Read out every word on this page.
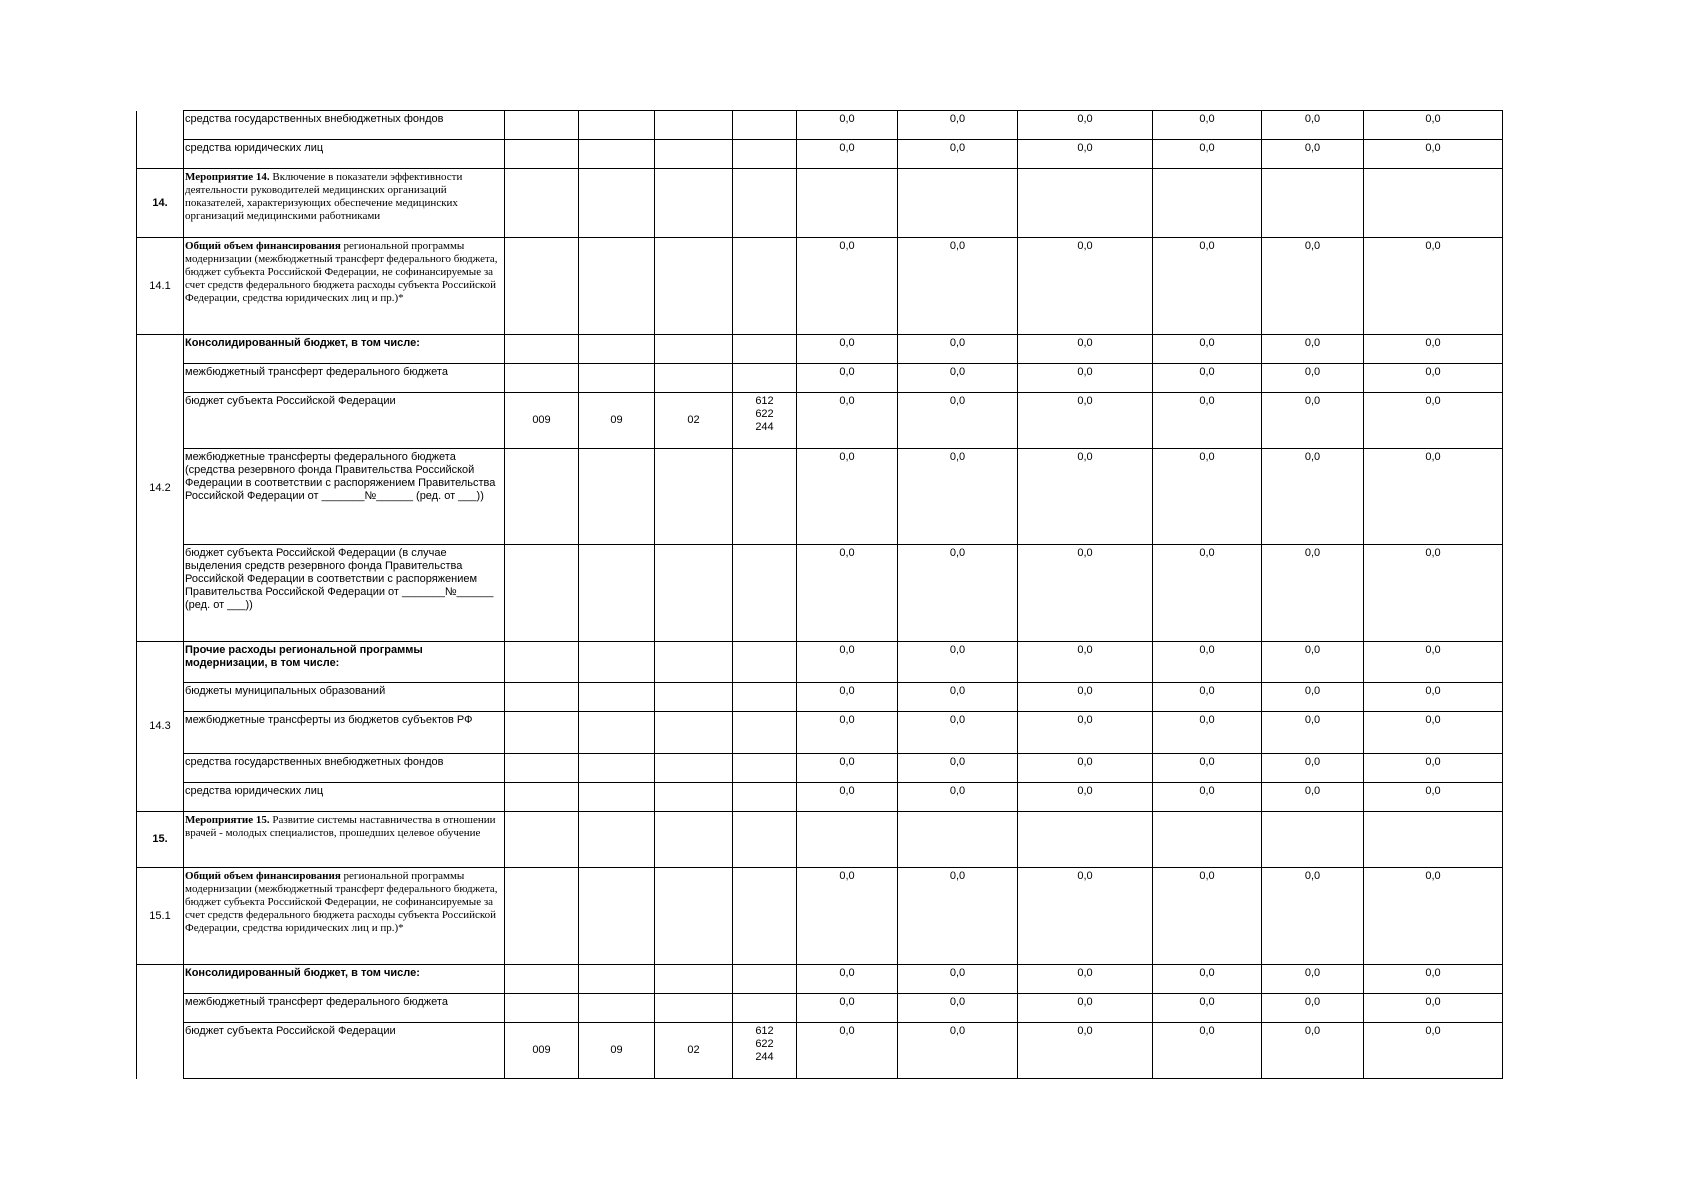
	средства государственных внебюджетных фондов					0,0	0,0	0,0	0,0	0,0	0,0
	средства юридических лиц					0,0	0,0	0,0	0,0	0,0	0,0
14.	Мероприятие 14. Включение в показатели эффективности деятельности руководителей медицинских организаций показателей, характеризующих обеспечение медицинских организаций медицинскими работниками										
14.1	Общий объем финансирования региональной программы модернизации (межбюджетный трансферт федерального бюджета, бюджет субъекта Российской Федерации, не софинансируемые за счет средств федерального бюджета расходы субъекта Российской Федерации, средства юридических лиц и пр.)*					0,0	0,0	0,0	0,0	0,0	0,0
14.2	Консолидированный бюджет, в том числе:					0,0	0,0	0,0	0,0	0,0	0,0
	межбюджетный трансферт федерального бюджета					0,0	0,0	0,0	0,0	0,0	0,0
	бюджет субъекта Российской Федерации	009	09	02	612
622
244	0,0	0,0	0,0	0,0	0,0	0,0
	межбюджетные трансферты федерального бюджета (средства резервного фонда Правительства Российской Федерации в соответствии с распоряжением Правительства Российской Федерации от _______№______ (ред. от ___))					0,0	0,0	0,0	0,0	0,0	0,0
	бюджет субъекта Российской Федерации (в случае выделения средств резервного фонда Правительства Российской Федерации в соответствии с распоряжением Правительства Российской Федерации от _______№______ (ред. от ___))					0,0	0,0	0,0	0,0	0,0	0,0
14.3	Прочие расходы региональной программы модернизации, в том числе:					0,0	0,0	0,0	0,0	0,0	0,0
	бюджеты муниципальных образований					0,0	0,0	0,0	0,0	0,0	0,0
	межбюджетные трансферты из бюджетов субъектов РФ					0,0	0,0	0,0	0,0	0,0	0,0
	средства государственных внебюджетных фондов					0,0	0,0	0,0	0,0	0,0	0,0
	средства юридических лиц					0,0	0,0	0,0	0,0	0,0	0,0
15.	Мероприятие 15. Развитие системы наставничества в отношении врачей - молодых специалистов, прошедших целевое обучение										
15.1	Общий объем финансирования региональной программы модернизации (межбюджетный трансферт федерального бюджета, бюджет субъекта Российской Федерации, не софинансируемые за счет средств федерального бюджета расходы субъекта Российской Федерации, средства юридических лиц и пр.)*					0,0	0,0	0,0	0,0	0,0	0,0
	Консолидированный бюджет, в том числе:					0,0	0,0	0,0	0,0	0,0	0,0
	межбюджетный трансферт федерального бюджета					0,0	0,0	0,0	0,0	0,0	0,0
	бюджет субъекта Российской Федерации	009	09	02	612
622
244	0,0	0,0	0,0	0,0	0,0	0,0
